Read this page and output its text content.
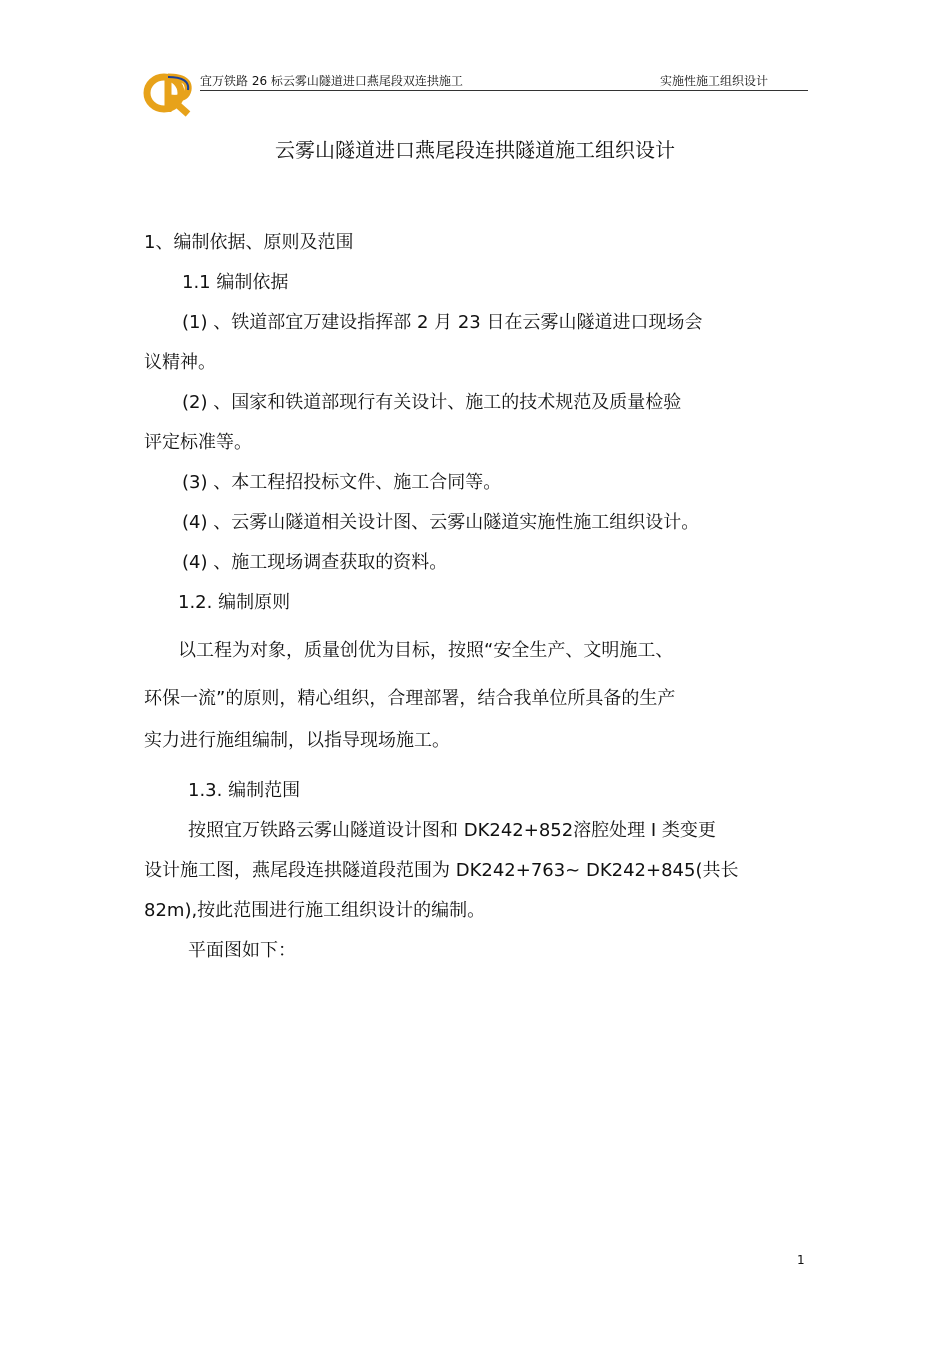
宜万铁路 26 标云雾山隧道进口燕尾段双连拱施工	实施性施工组织设计
云雾山隧道进口燕尾段连拱隧道施工组织设计
1、编制依据、原则及范围
1.1 编制依据
(1) 、铁道部宜万建设指挥部 2 月 23 日在云雾山隧道进口现场会
议精神。
(2) 、国家和铁道部现行有关设计、施工的技术规范及质量检验
评定标准等。
(3) 、本工程招投标文件、施工合同等。
(4) 、云雾山隧道相关设计图、云雾山隧道实施性施工组织设计。
(4) 、施工现场调查获取的资料。
1.2. 编制原则
以工程为对象，质量创优为目标，按照“安全生产、文明施工、
环保一流”的原则，精心组织，合理部署，结合我单位所具备的生产
实力进行施组编制，以指导现场施工。
1.3. 编制范围
按照宜万铁路云雾山隧道设计图和 DK242+852溶腔处理 I 类变更
设计施工图，燕尾段连拱隧道段范围为 DK242+763~ DK242+845(共长
82m),按此范围进行施工组织设计的编制。
平面图如下：
1
